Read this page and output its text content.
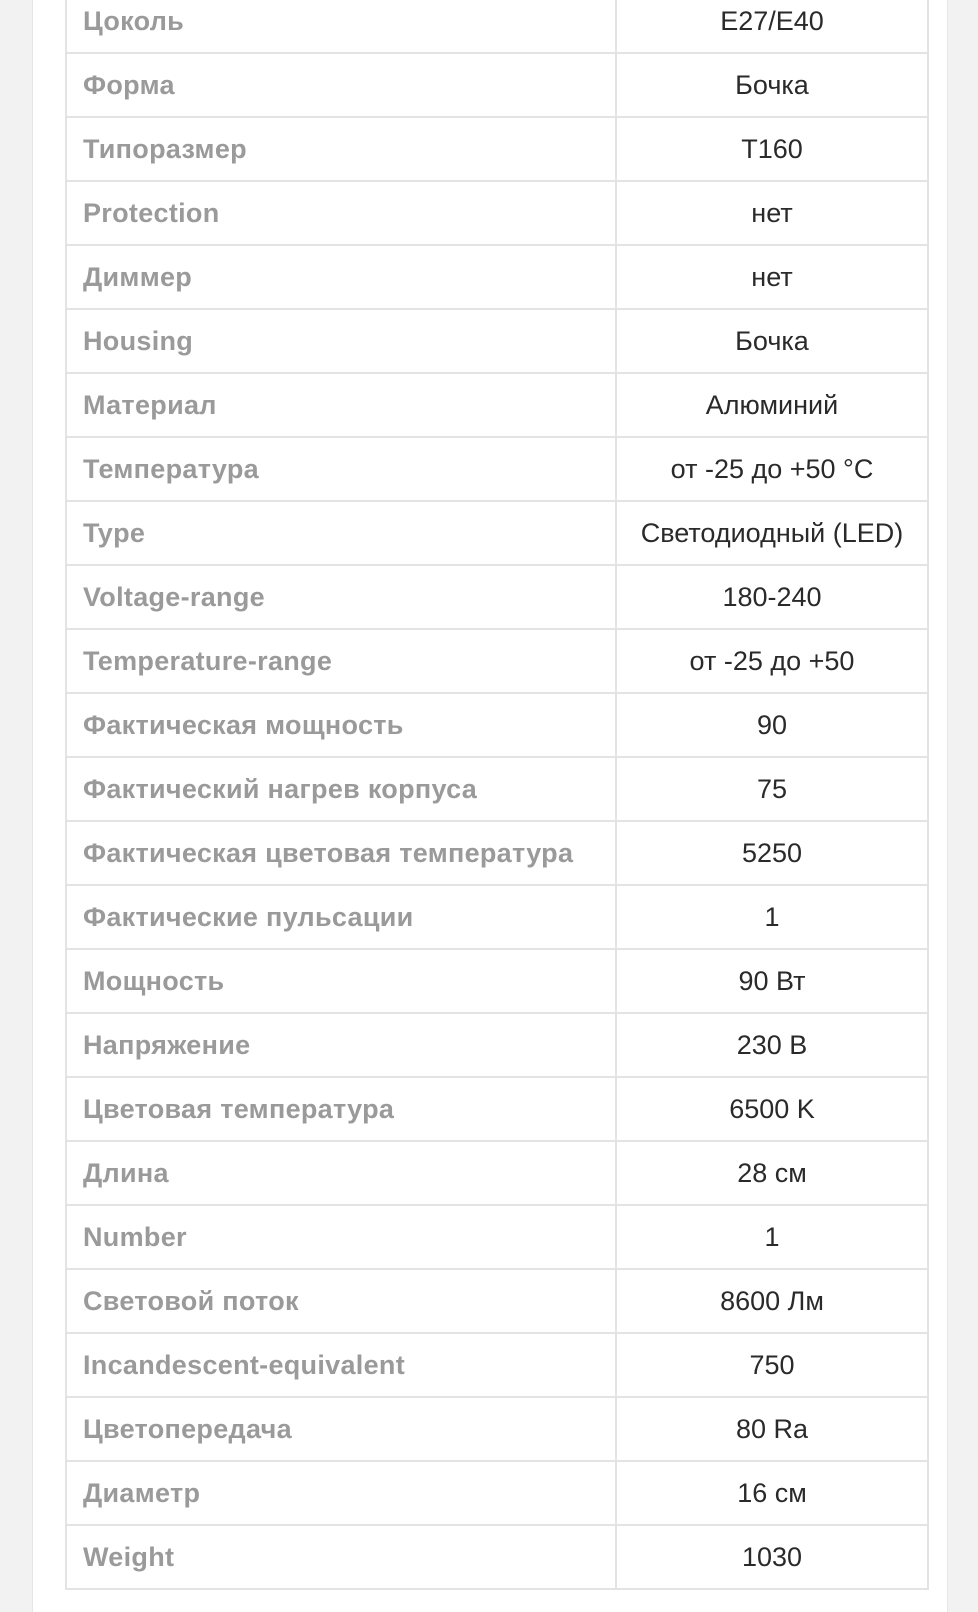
Цоколь	E27/E40
Форма	Бочка
Типоразмер	T160
Protection	нет
Диммер	нет
Housing	Бочка
Материал	Алюминий
Температура	от -25 до +50 °C
Type	Светодиодный (LED)
Voltage-range	180-240
Temperature-range	от -25 до +50
Фактическая мощность	90
Фактический нагрев корпуса	75
Фактическая цветовая температура	5250
Фактические пульсации	1
Мощность	90 Вт
Напряжение	230 В
Цветовая температура	6500 K
Длина	28 см
Number	1
Световой поток	8600 Лм
Incandescent-equivalent	750
Цветопередача	80 Ra
Диаметр	16 см
Weight	1030
